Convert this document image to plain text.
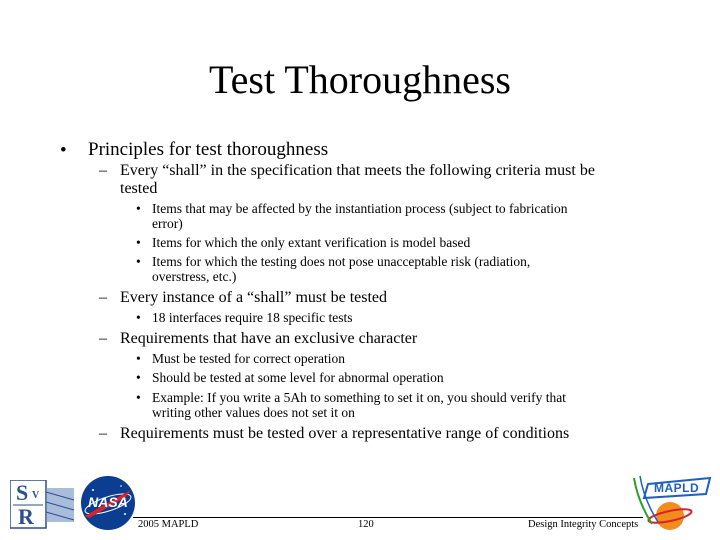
Test Thoroughness
• Principles for test thoroughness
– Every “shall” in the specification that meets the following criteria must be
tested
• Items that may be affected by the instantiation process (subject to fabrication
error)
• Items for which the only extant verification is model based
• Items for which the testing does not pose unacceptable risk (radiation,
overstress, etc.)
– Every instance of a “shall” must be tested
• 18 interfaces require 18 specific tests
– Requirements that have an exclusive character
• Must be tested for correct operation
• Should be tested at some level for abnormal operation
• Example: If you write a 5Ah to something to set it on, you should verify that
writing other values does not set it on
– Requirements must be tested over a representative range of conditions
2005 MAPLD	120	Design Integrity Concepts
S V
R
NASA
MAPLD
